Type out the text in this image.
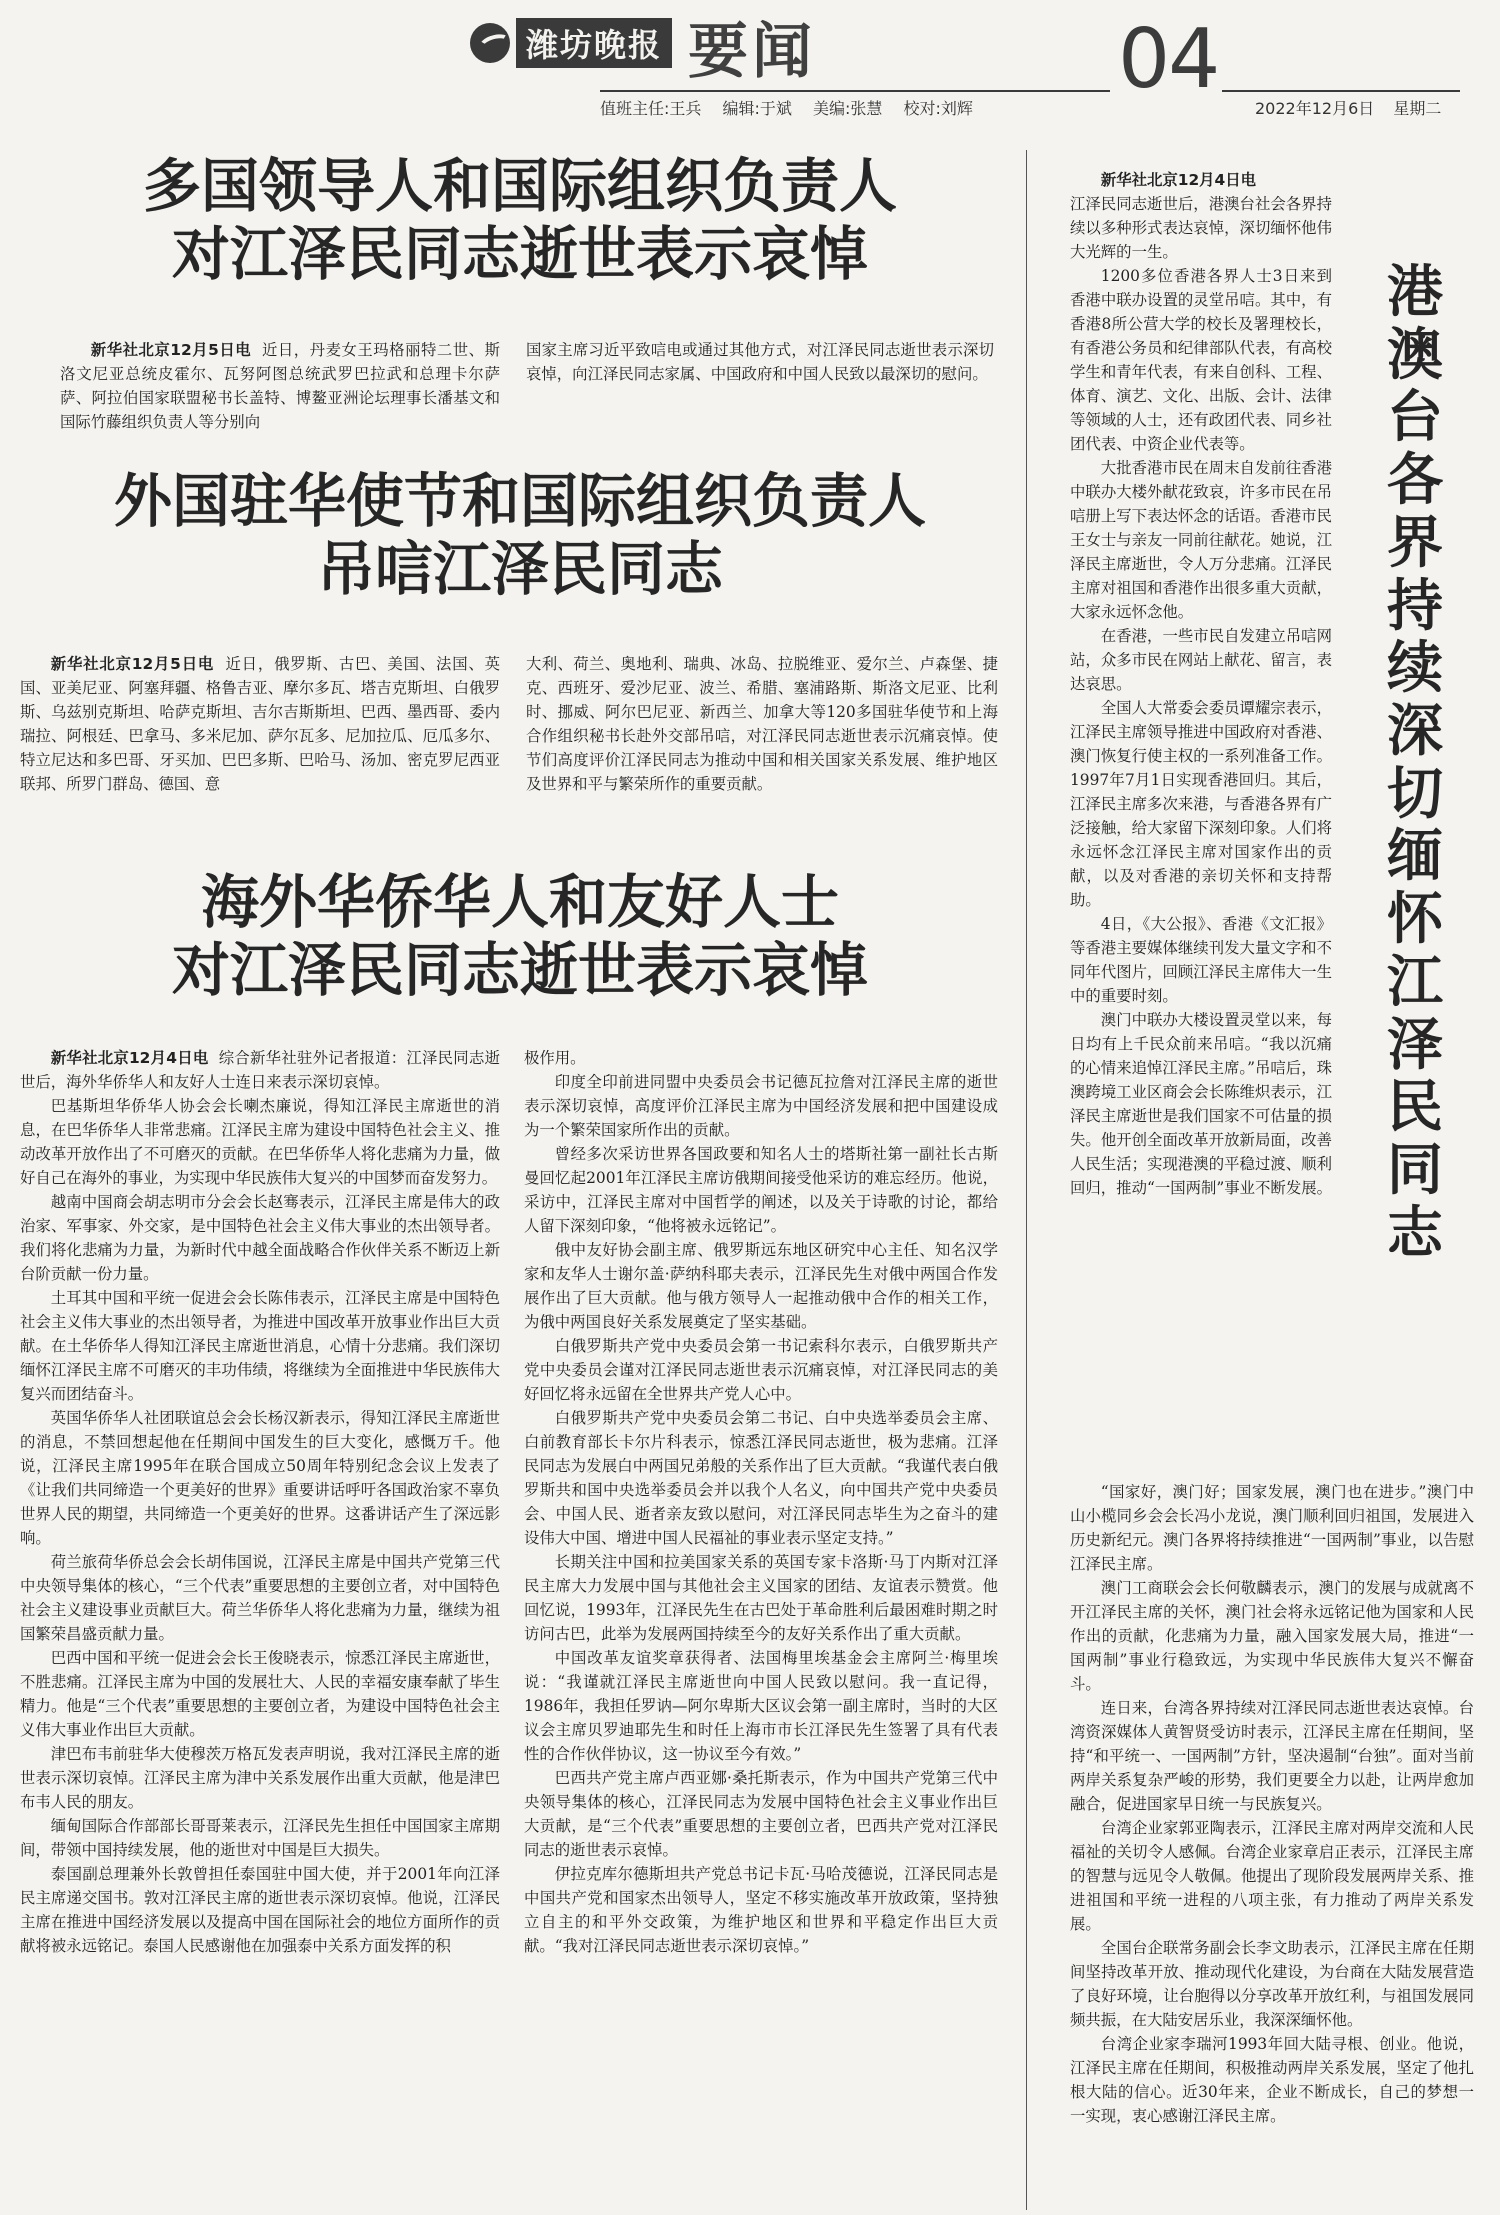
潍坊晚报 要闻	04
值班主任:王兵 编辑:于斌 美编:张慧 校对:刘辉	2022年12月6日 星期二
多国领导人和国际组织负责人
对江泽民同志逝世表示哀悼

新华社北京12月5日电 近日，丹麦女王玛格丽特二世、斯洛文尼亚总统皮霍尔、瓦努阿图总统武罗巴拉武和总理卡尔萨萨、阿拉伯国家联盟秘书长盖特、博鳌亚洲论坛理事长潘基文和国际竹藤组织负责人等分别向

国家主席习近平致唁电或通过其他方式，对江泽民同志逝世表示深切哀悼，向江泽民同志家属、中国政府和中国人民致以最深切的慰问。

外国驻华使节和国际组织负责人
吊唁江泽民同志

新华社北京12月5日电 近日，俄罗斯、古巴、美国、法国、英国、亚美尼亚、阿塞拜疆、格鲁吉亚、摩尔多瓦、塔吉克斯坦、白俄罗斯、乌兹别克斯坦、哈萨克斯坦、吉尔吉斯斯坦、巴西、墨西哥、委内瑞拉、阿根廷、巴拿马、多米尼加、萨尔瓦多、尼加拉瓜、厄瓜多尔、特立尼达和多巴哥、牙买加、巴巴多斯、巴哈马、汤加、密克罗尼西亚联邦、所罗门群岛、德国、意

大利、荷兰、奥地利、瑞典、冰岛、拉脱维亚、爱尔兰、卢森堡、捷克、西班牙、爱沙尼亚、波兰、希腊、塞浦路斯、斯洛文尼亚、比利时、挪威、阿尔巴尼亚、新西兰、加拿大等120多国驻华使节和上海合作组织秘书长赴外交部吊唁，对江泽民同志逝世表示沉痛哀悼。使节们高度评价江泽民同志为推动中国和相关国家关系发展、维护地区及世界和平与繁荣所作的重要贡献。

海外华侨华人和友好人士
对江泽民同志逝世表示哀悼

新华社北京12月4日电 综合新华社驻外记者报道：江泽民同志逝世后，海外华侨华人和友好人士连日来表示深切哀悼。

巴基斯坦华侨华人协会会长喇杰廉说，得知江泽民主席逝世的消息，在巴华侨华人非常悲痛。江泽民主席为建设中国特色社会主义、推动改革开放作出了不可磨灭的贡献。在巴华侨华人将化悲痛为力量，做好自己在海外的事业，为实现中华民族伟大复兴的中国梦而奋发努力。

越南中国商会胡志明市分会会长赵骞表示，江泽民主席是伟大的政治家、军事家、外交家，是中国特色社会主义伟大事业的杰出领导者。我们将化悲痛为力量，为新时代中越全面战略合作伙伴关系不断迈上新台阶贡献一份力量。

土耳其中国和平统一促进会会长陈伟表示，江泽民主席是中国特色社会主义伟大事业的杰出领导者，为推进中国改革开放事业作出巨大贡献。在土华侨华人得知江泽民主席逝世消息，心情十分悲痛。我们深切缅怀江泽民主席不可磨灭的丰功伟绩，将继续为全面推进中华民族伟大复兴而团结奋斗。

英国华侨华人社团联谊总会会长杨汉新表示，得知江泽民主席逝世的消息，不禁回想起他在任期间中国发生的巨大变化，感慨万千。他说，江泽民主席1995年在联合国成立50周年特别纪念会议上发表了《让我们共同缔造一个更美好的世界》重要讲话呼吁各国政治家不辜负世界人民的期望，共同缔造一个更美好的世界。这番讲话产生了深远影响。

荷兰旅荷华侨总会会长胡伟国说，江泽民主席是中国共产党第三代中央领导集体的核心，“三个代表”重要思想的主要创立者，对中国特色社会主义建设事业贡献巨大。荷兰华侨华人将化悲痛为力量，继续为祖国繁荣昌盛贡献力量。

巴西中国和平统一促进会会长王俊晓表示，惊悉江泽民主席逝世，不胜悲痛。江泽民主席为中国的发展壮大、人民的幸福安康奉献了毕生精力。他是“三个代表”重要思想的主要创立者，为建设中国特色社会主义伟大事业作出巨大贡献。

津巴布韦前驻华大使穆茨万格瓦发表声明说，我对江泽民主席的逝世表示深切哀悼。江泽民主席为津中关系发展作出重大贡献，他是津巴布韦人民的朋友。

缅甸国际合作部部长哥哥莱表示，江泽民先生担任中国国家主席期间，带领中国持续发展，他的逝世对中国是巨大损失。

泰国副总理兼外长敦曾担任泰国驻中国大使，并于2001年向江泽民主席递交国书。敦对江泽民主席的逝世表示深切哀悼。他说，江泽民主席在推进中国经济发展以及提高中国在国际社会的地位方面所作的贡献将被永远铭记。泰国人民感谢他在加强泰中关系方面发挥的积

极作用。

印度全印前进同盟中央委员会书记德瓦拉詹对江泽民主席的逝世表示深切哀悼，高度评价江泽民主席为中国经济发展和把中国建设成为一个繁荣国家所作出的贡献。

曾经多次采访世界各国政要和知名人士的塔斯社第一副社长古斯曼回忆起2001年江泽民主席访俄期间接受他采访的难忘经历。他说，采访中，江泽民主席对中国哲学的阐述，以及关于诗歌的讨论，都给人留下深刻印象，“他将被永远铭记”。

俄中友好协会副主席、俄罗斯远东地区研究中心主任、知名汉学家和友华人士谢尔盖·萨纳科耶夫表示，江泽民先生对俄中两国合作发展作出了巨大贡献。他与俄方领导人一起推动俄中合作的相关工作，为俄中两国良好关系发展奠定了坚实基础。

白俄罗斯共产党中央委员会第一书记索科尔表示，白俄罗斯共产党中央委员会谨对江泽民同志逝世表示沉痛哀悼，对江泽民同志的美好回忆将永远留在全世界共产党人心中。

白俄罗斯共产党中央委员会第二书记、白中央选举委员会主席、白前教育部长卡尔片科表示，惊悉江泽民同志逝世，极为悲痛。江泽民同志为发展白中两国兄弟般的关系作出了巨大贡献。“我谨代表白俄罗斯共和国中央选举委员会并以我个人名义，向中国共产党中央委员会、中国人民、逝者亲友致以慰问，对江泽民同志毕生为之奋斗的建设伟大中国、增进中国人民福祉的事业表示坚定支持。”

长期关注中国和拉美国家关系的英国专家卡洛斯·马丁内斯对江泽民主席大力发展中国与其他社会主义国家的团结、友谊表示赞赏。他回忆说，1993年，江泽民先生在古巴处于革命胜利后最困难时期之时访问古巴，此举为发展两国持续至今的友好关系作出了重大贡献。

中国改革友谊奖章获得者、法国梅里埃基金会主席阿兰·梅里埃说：“我谨就江泽民主席逝世向中国人民致以慰问。我一直记得，1986年，我担任罗讷—阿尔卑斯大区议会第一副主席时，当时的大区议会主席贝罗迪耶先生和时任上海市市长江泽民先生签署了具有代表性的合作伙伴协议，这一协议至今有效。”

巴西共产党主席卢西亚娜·桑托斯表示，作为中国共产党第三代中央领导集体的核心，江泽民同志为发展中国特色社会主义事业作出巨大贡献，是“三个代表”重要思想的主要创立者，巴西共产党对江泽民同志的逝世表示哀悼。

伊拉克库尔德斯坦共产党总书记卡瓦·马哈茂德说，江泽民同志是中国共产党和国家杰出领导人，坚定不移实施改革开放政策，坚持独立自主的和平外交政策，为维护地区和世界和平稳定作出巨大贡献。“我对江泽民同志逝世表示深切哀悼。”

港澳台各界持续深切缅怀江泽民同志

新华社北京12月4日电

江泽民同志逝世后，港澳台社会各界持续以多种形式表达哀悼，深切缅怀他伟大光辉的一生。

1200多位香港各界人士3日来到香港中联办设置的灵堂吊唁。其中，有香港8所公营大学的校长及署理校长，有香港公务员和纪律部队代表，有高校学生和青年代表，有来自创科、工程、体育、演艺、文化、出版、会计、法律等领域的人士，还有政团代表、同乡社团代表、中资企业代表等。

大批香港市民在周末自发前往香港中联办大楼外献花致哀，许多市民在吊唁册上写下表达怀念的话语。香港市民王女士与亲友一同前往献花。她说，江泽民主席逝世，令人万分悲痛。江泽民主席对祖国和香港作出很多重大贡献，大家永远怀念他。

在香港，一些市民自发建立吊唁网站，众多市民在网站上献花、留言，表达哀思。

全国人大常委会委员谭耀宗表示，江泽民主席领导推进中国政府对香港、澳门恢复行使主权的一系列准备工作。1997年7月1日实现香港回归。其后，江泽民主席多次来港，与香港各界有广泛接触，给大家留下深刻印象。人们将永远怀念江泽民主席对国家作出的贡献，以及对香港的亲切关怀和支持帮助。

4日，《大公报》、香港《文汇报》等香港主要媒体继续刊发大量文字和不同年代图片，回顾江泽民主席伟大一生中的重要时刻。

澳门中联办大楼设置灵堂以来，每日均有上千民众前来吊唁。“我以沉痛的心情来追悼江泽民主席。”吊唁后，珠澳跨境工业区商会会长陈维炽表示，江泽民主席逝世是我们国家不可估量的损失。他开创全面改革开放新局面，改善人民生活；实现港澳的平稳过渡、顺利回归，推动“一国两制”事业不断发展。

“国家好，澳门好；国家发展，澳门也在进步。”澳门中山小榄同乡会会长冯小龙说，澳门顺利回归祖国，发展进入历史新纪元。澳门各界将持续推进“一国两制”事业，以告慰江泽民主席。

澳门工商联会会长何敬麟表示，澳门的发展与成就离不开江泽民主席的关怀，澳门社会将永远铭记他为国家和人民作出的贡献，化悲痛为力量，融入国家发展大局，推进“一国两制”事业行稳致远，为实现中华民族伟大复兴不懈奋斗。

连日来，台湾各界持续对江泽民同志逝世表达哀悼。台湾资深媒体人黄智贤受访时表示，江泽民主席在任期间，坚持“和平统一、一国两制”方针，坚决遏制“台独”。面对当前两岸关系复杂严峻的形势，我们更要全力以赴，让两岸愈加融合，促进国家早日统一与民族复兴。

台湾企业家郭亚陶表示，江泽民主席对两岸交流和人民福祉的关切令人感佩。台湾企业家章启正表示，江泽民主席的智慧与远见令人敬佩。他提出了现阶段发展两岸关系、推进祖国和平统一进程的八项主张，有力推动了两岸关系发展。

全国台企联常务副会长李文助表示，江泽民主席在任期间坚持改革开放、推动现代化建设，为台商在大陆发展营造了良好环境，让台胞得以分享改革开放红利，与祖国发展同频共振，在大陆安居乐业，我深深缅怀他。

台湾企业家李瑞河1993年回大陆寻根、创业。他说，江泽民主席在任期间，积极推动两岸关系发展，坚定了他扎根大陆的信心。近30年来，企业不断成长，自己的梦想一一实现，衷心感谢江泽民主席。
